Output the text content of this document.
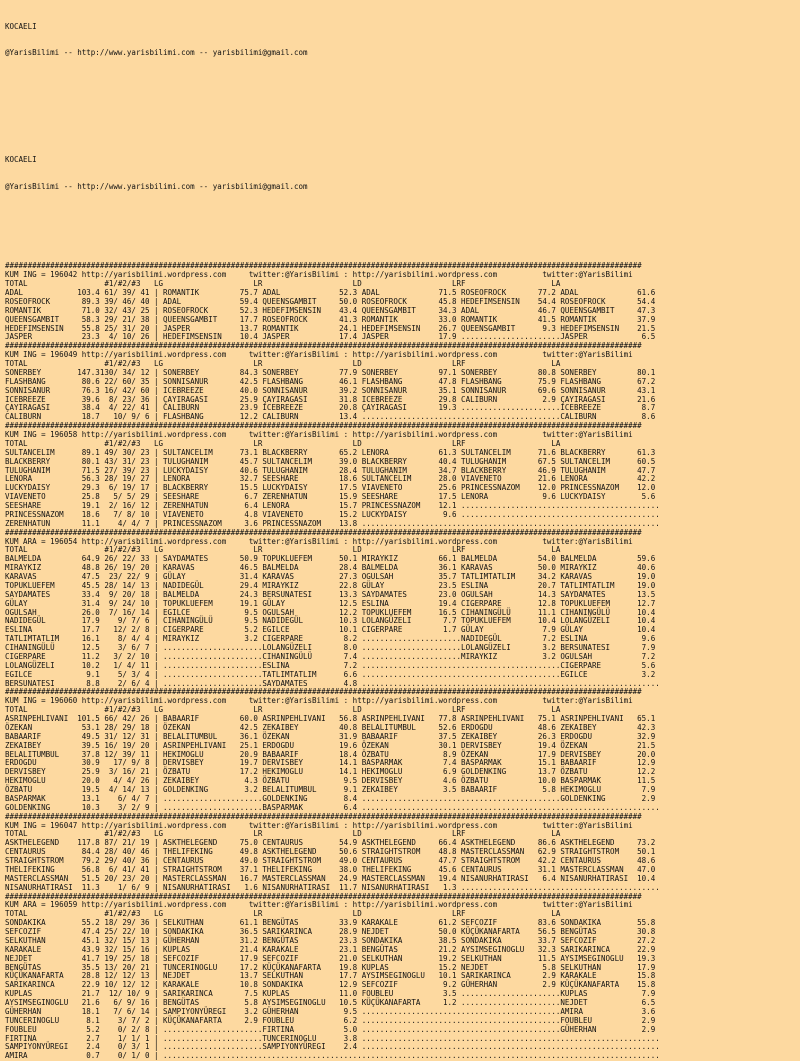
KOCAELI

@YarisBilimi -- http://www.yarisbilimi.com -- yarisbilimi@gmail.com

KOCAELI

@YarisBilimi -- http://www.yarisbilimi.com -- yarisbilimi@gmail.com

#############################################################################################################################################
KUM ING = 196042 http://yarisbilimi.wordpress.com     twitter:@YarisBilimi : http://yarisbilimi.wordpress.com          twitter:@YarisBilimi
TOTAL                 #1/#2/#3   LG                    LR                    LD                    LRF                   LA
ADAL            103.4 61/ 39/ 41 | ROMANTIK         75.7 ADAL             52.3 ADAL             71.5 ROSEOFROCK       77.2 ADAL             61.6
ROSEOFROCK       89.3 39/ 46/ 40 | ADAL             59.4 QUEENSGAMBIT     50.0 ROSEOFROCK       45.8 HEDEFIMSENSIN    54.4 ROSEOFROCK       54.4
ROMANTIK         71.0 32/ 43/ 25 | ROSEOFROCK       52.3 HEDEFIMSENSIN    43.4 QUEENSGAMBIT     34.3 ADAL             46.7 QUEENSGAMBIT     47.3
QUEENSGAMBIT     58.3 29/ 21/ 38 | QUEENSGAMBIT     17.7 ROSEOFROCK       41.3 ROMANTIK         33.0 ROMANTIK         41.5 ROMANTIK         37.9
HEDEFIMSENSIN    55.8 25/ 31/ 20 | JASPER           13.7 ROMANTIK         24.1 HEDEFIMSENSIN    26.7 QUEENSGAMBIT      9.3 HEDEFIMSENSIN    21.5
JASPER           23.3  4/ 10/ 26 | HEDEFIMSENSIN    10.4 JASPER           17.4 JASPER           17.9 ......................JASPER            6.5
#############################################################################################################################################
KUM ING = 196049 http://yarisbilimi.wordpress.com     twitter:@YarisBilimi : http://yarisbilimi.wordpress.com          twitter:@YarisBilimi
TOTAL                 #1/#2/#3   LG                    LR                    LD                    LRF                   LA
SONERBEY        147.3130/ 34/ 12 | SONERBEY         84.3 SONERBEY         77.9 SONERBEY         97.1 SONERBEY         80.8 SONERBEY         80.1
FLASHBANG        80.6 22/ 60/ 35 | SONNISANUR       42.5 FLASHBANG        46.1 FLASHBANG        47.8 FLASHBANG        75.9 FLASHBANG        67.2
SONNISANUR       76.3 16/ 42/ 60 | ICEBREEZE        40.0 SONNISANUR       39.2 SONNISANUR       35.1 SONNISANUR       69.6 SONNISANUR       43.1
ICEBREEZE        39.6  8/ 23/ 36 | ÇAYIRAGASI       25.9 ÇAYIRAGASI       31.8 ICEBREEZE        29.8 CALIBURN          2.9 ÇAYIRAGASI       21.6
ÇAYIRAGASI       38.4  4/ 22/ 41 | CALIBURN         23.9 ICEBREEZE        20.8 ÇAYIRAGASI       19.3 ......................ICEBREEZE         8.7
CALIBURN         18.7   10/ 9/ 6 | FLASHBANG        12.2 CALIBURN         13.4 ............................................CALIBURN          8.6
#############################################################################################################################################
KUM ING = 196058 http://yarisbilimi.wordpress.com     twitter:@YarisBilimi : http://yarisbilimi.wordpress.com          twitter:@YarisBilimi
TOTAL                 #1/#2/#3   LG                    LR                    LD                    LRF                   LA
SULTANCELIM      89.1 49/ 30/ 23 | SULTANCELIM      73.1 BLACKBERRY       65.2 LENORA           61.3 SULTANCELIM      71.6 BLACKBERRY       61.3
BLACKBERRY       80.1 43/ 31/ 23 | TULUGHANIM       45.7 SULTANCELIM      39.0 BLACKBERRY       40.4 TULUGHANIM       67.5 SULTANCELIM      60.5
TULUGHANIM       71.5 27/ 39/ 23 | LUCKYDAISY       40.6 TULUGHANIM       28.4 TULUGHANIM       34.7 BLACKBERRY       46.9 TULUGHANIM       47.7
LENORA           56.3 28/ 19/ 27 | LENORA           32.7 SEESHARE         18.6 SULTANCELIM      28.0 VIAVENETO        21.6 LENORA           42.2
LUCKYDAISY       29.3  6/ 19/ 17 | BLACKBERRY       15.5 LUCKYDAISY       17.5 VIAVENETO        25.6 PRINCESSNAZOM    12.0 PRINCESSNAZOM    12.0
VIAVENETO        25.8   5/ 5/ 29 | SEESHARE          6.7 ZERENHATUN       15.9 SEESHARE         17.5 LENORA            9.6 LUCKYDAISY        5.6
SEESHARE         19.1  2/ 16/ 12 | ZERENHATUN        6.4 LENORA           15.7 PRINCESSNAZOM    12.1 ............................................
PRINCESSNAZOM    18.6   7/ 8/ 10 | VIAVENETO         4.8 VIAVENETO        15.2 LUCKYDAISY        9.6 ............................................
ZERENHATUN       11.1    4/ 4/ 7 | PRINCESSNAZOM     3.6 PRINCESSNAZOM    13.8 ..................................................................
#############################################################################################################################################
KUM ARA = 196054 http://yarisbilimi.wordpress.com     twitter:@YarisBilimi : http://yarisbilimi.wordpress.com          twitter:@YarisBilimi
TOTAL                 #1/#2/#3   LG                    LR                    LD                    LRF                   LA
BALMELDA         64.9 26/ 22/ 33 | SAYDAMATES       50.9 TOPUKLUEFEM      50.1 MIRAYKIZ         66.1 BALMELDA         54.0 BALMELDA         59.6
MIRAYKIZ         48.8 26/ 19/ 20 | KARAVAS          46.5 BALMELDA         28.4 BALMELDA         36.1 KARAVAS          50.0 MIRAYKIZ         40.6
KARAVAS          47.5  23/ 22/ 9 | GÜLAY            31.4 KARAVAS          27.3 OGULSAH          35.7 TATLIMTATLIM     34.2 KARAVAS          19.0
TOPUKLUEFEM      45.5 28/ 14/ 13 | NADIDEGÜL        29.4 MIRAYKIZ         22.8 GÜLAY            23.5 ESLINA           20.7 TATLIMTATLIM     19.0
SAYDAMATES       33.4  9/ 20/ 18 | BALMELDA         24.3 BERSUNATESI      13.3 SAYDAMATES       23.0 OGULSAH          14.3 SAYDAMATES       13.5
GÜLAY            31.4  9/ 24/ 10 | TOPUKLUEFEM      19.1 GÜLAY            12.5 ESLINA           19.4 CIGERPARE        12.8 TOPUKLUEFEM      12.7
OGULSAH          26.0  7/ 16/ 14 | EGILCE            9.5 OGULSAH          12.2 TOPUKLUEFEM      16.5 CIHANINGÜLÜ      11.1 CIHANINGÜLÜ      10.4
NADIDEGÜL        17.9    9/ 7/ 6 | CIHANINGÜLÜ       9.5 NADIDEGÜL        10.3 LOLANGÜZELI       7.7 TOPUKLUEFEM      10.4 LOLANGÜZELI      10.4
ESLINA           17.7   12/ 2/ 8 | CIGERPARE         5.2 EGILCE           10.1 CIGERPARE         1.7 GÜLAY             7.9 GÜLAY            10.4
TATLIMTATLIM     16.1    8/ 4/ 4 | MIRAYKIZ          3.2 CIGERPARE         8.2 ......................NADIDEGÜL         7.2 ESLINA            9.6
CIHANINGÜLÜ      12.5    3/ 6/ 7 | ......................LOLANGÜZELI       8.0 ......................LOLANGÜZELI       3.2 BERSUNATESI       7.9
CIGERPARE        11.2   3/ 2/ 10 | ......................CIHANINGÜLÜ       7.4 ......................MIRAYKIZ          3.2 OGULSAH           7.2
LOLANGÜZELI      10.2   1/ 4/ 11 | ......................ESLINA            7.2 ............................................CIGERPARE         5.6
EGILCE            9.1    5/ 3/ 4 | ......................TATLIMTATLIM      6.6 ............................................EGILCE            3.2
BERSUNATESI       8.8    2/ 6/ 4 | ......................SAYDAMATES        4.8 ..................................................................
#############################################################################################################################################
KUM ING = 196060 http://yarisbilimi.wordpress.com     twitter:@YarisBilimi : http://yarisbilimi.wordpress.com          twitter:@YarisBilimi
TOTAL                 #1/#2/#3   LG                    LR                    LD                    LRF                   LA
ASRINPEHLIVANI  101.5 66/ 42/ 26 | BABAARIF         60.0 ASRINPEHLIVANI   56.8 ASRINPEHLIVANI   77.8 ASRINPEHLIVANI   75.1 ASRINPEHLIVANI   65.1
ÖZEKAN           53.1 28/ 29/ 18 | ÖZEKAN           42.5 ZEKAIBEY         40.8 BELALITUMBUL     52.6 ERDOGDU          48.6 ZEKAIBEY         42.3
BABAARIF         49.5 31/ 12/ 31 | BELALITUMBUL     36.1 ÖZEKAN           31.9 BABAARIF         37.5 ZEKAIBEY         26.3 ERDOGDU          32.9
ZEKAIBEY         39.5 16/ 19/ 20 | ASRINPEHLIVANI   25.1 ERDOGDU          19.6 ÖZEKAN           30.1 DERVISBEY        19.4 ÖZEKAN           21.5
BELALITUMBUL     37.8 12/ 39/ 11 | HEKIMOGLU        20.9 BABAARIF         18.4 ÖZBATU            8.9 ÖZEKAN           17.9 DERVISBEY        20.0
ERDOGDU          30.9   17/ 9/ 8 | DERVISBEY        19.7 DERVISBEY        14.1 BASPARMAK         7.4 BASPARMAK        15.1 BABAARIF         12.9
DERVISBEY        25.9  3/ 16/ 21 | ÖZBATU           17.2 HEKIMOGLU        14.1 HEKIMOGLU         6.9 GOLDENKING       13.7 ÖZBATU           12.2
HEKIMOGLU        20.0   4/ 4/ 26 | ZEKAIBEY          4.3 ÖZBATU            9.5 DERVISBEY         4.6 ÖZBATU           10.0 BASPARMAK        11.5
ÖZBATU           19.5  4/ 14/ 13 | GOLDENKING        3.2 BELALITUMBUL      9.1 ZEKAIBEY          3.5 BABAARIF          5.8 HEKIMOGLU         7.9
BASPARMAK        13.1    6/ 4/ 7 | ......................GOLDENKING        8.4 ............................................GOLDENKING        2.9
GOLDENKING       10.3    3/ 2/ 9 | ......................BASPARMAK         6.4 ..................................................................
#############################################################################################################################################
KUM ING = 196047 http://yarisbilimi.wordpress.com     twitter:@YarisBilimi : http://yarisbilimi.wordpress.com          twitter:@YarisBilimi
TOTAL                 #1/#2/#3   LG                    LR                    LD                    LRF                   LA
ASKTHELEGEND    117.8 87/ 21/ 19 | ASKTHELEGEND     75.0 CENTAURUS        54.9 ASKTHELEGEND     66.4 ASKTHELEGEND     86.6 ASKTHELEGEND     73.2
CENTAURUS        84.4 28/ 40/ 46 | THELIFEKING      49.8 ASKTHELEGEND     50.6 STRAIGHTSTROM    48.8 MASTERCLASSMAN   62.9 STRAIGHTSTROM    50.1
STRAIGHTSTROM    79.2 29/ 40/ 36 | CENTAURUS        49.0 STRAIGHTSTROM    49.0 CENTAURUS        47.7 STRAIGHTSTROM    42.2 CENTAURUS        48.6
THELIFEKING      56.8  6/ 41/ 41 | STRAIGHTSTROM    37.1 THELIFEKING      38.0 THELIFEKING      45.6 CENTAURUS        31.1 MASTERCLASSMAN   47.0
MASTERCLASSMAN   51.5 20/ 23/ 20 | MASTERCLASSMAN   16.7 MASTERCLASSMAN   24.9 MASTERCLASSMAN   19.4 NISANURHATIRASI   6.4 NISANURHATIRASI  10.4
NISANURHATIRASI  11.3    1/ 6/ 9 | NISANURHATIRASI   1.6 NISANURHATIRASI  11.7 NISANURHATIRASI   1.3 ............................................
#############################################################################################################################################
KUM ARA = 196059 http://yarisbilimi.wordpress.com     twitter:@YarisBilimi : http://yarisbilimi.wordpress.com          twitter:@YarisBilimi
TOTAL                 #1/#2/#3   LG                    LR                    LD                    LRF                   LA
SONDAKIKA        55.2 18/ 29/ 36 | SELKUTHAN        61.1 BENGÜTAS         33.9 KARAKALE         61.2 SEFCOZIF         83.6 SONDAKIKA        55.8
SEFCOZIF         47.4 25/ 22/ 10 | SONDAKIKA        36.5 SARIKARINCA      28.9 NEJDET           50.0 KÜÇÜKANAFARTA    56.5 BENGÜTAS         30.8
SELKUTHAN        45.1 32/ 15/ 13 | GÜHERHAN         31.2 BENGÜTAS         23.3 SONDAKIKA        38.5 SONDAKIKA        33.7 SEFCOZIF         27.2
KARAKALE         43.9 32/ 15/ 16 | KUPLAS           21.4 KARAKALE         23.1 BENGÜTAS         21.2 AYSIMSEGINOGLU   32.3 SARIKARINCA      22.9
NEJDET           41.7 19/ 25/ 18 | SEFCOZIF         17.9 SEFCOZIF         21.0 SELKUTHAN        19.2 SELKUTHAN        11.5 AYSIMSEGINOGLU   19.3
BENGÜTAS         35.5 13/ 20/ 21 | TUNCERINOGLU     17.2 KÜÇÜKANAFARTA    19.8 KUPLAS           15.2 NEJDET            5.8 SELKUTHAN        17.9
KÜÇÜKANAFARTA    28.8 12/ 12/ 13 | NEJDET           13.7 SELKUTHAN        17.7 AYSIMSEGINOGLU   10.1 SARIKARINCA       2.9 KARAKALE         15.8
SARIKARINCA      22.9 10/ 12/ 12 | KARAKALE         10.8 SONDAKIKA        12.9 SEFCOZIF          9.2 GÜHERHAN          2.9 KÜÇÜKANAFARTA    15.8
KUPLAS           21.7  12/ 10/ 9 | SARIKARINCA       7.5 KUPLAS           11.0 FOUBLEU           3.5 ......................KUPLAS            7.9
AYSIMSEGINOGLU   21.6   6/ 9/ 16 | BENGÜTAS          5.8 AYSIMSEGINOGLU   10.5 KÜÇÜKANAFARTA     1.2 ......................NEJDET            6.5
GÜHERHAN         18.1   7/ 6/ 14 | SAMPIYONYÜREGI    3.2 GÜHERHAN          9.5 ............................................AMIRA             3.6
TUNCERINOGLU      8.1    3/ 7/ 2 | KÜÇÜKANAFARTA     2.9 FOUBLEU           6.2 ............................................FOUBLEU           2.9
FOUBLEU           5.2    0/ 2/ 8 | ......................FIRTINA           5.0 ............................................GÜHERHAN          2.9
FIRTINA           2.7    1/ 1/ 1 | ......................TUNCERINOGLU      3.8 ..................................................................
SAMPIYONYÜREGI    2.4    0/ 3/ 1 | ......................SAMPIYONYÜREGI    2.4 ..................................................................
AMIRA             0.7    0/ 1/ 0 | ..............................................................................................................
